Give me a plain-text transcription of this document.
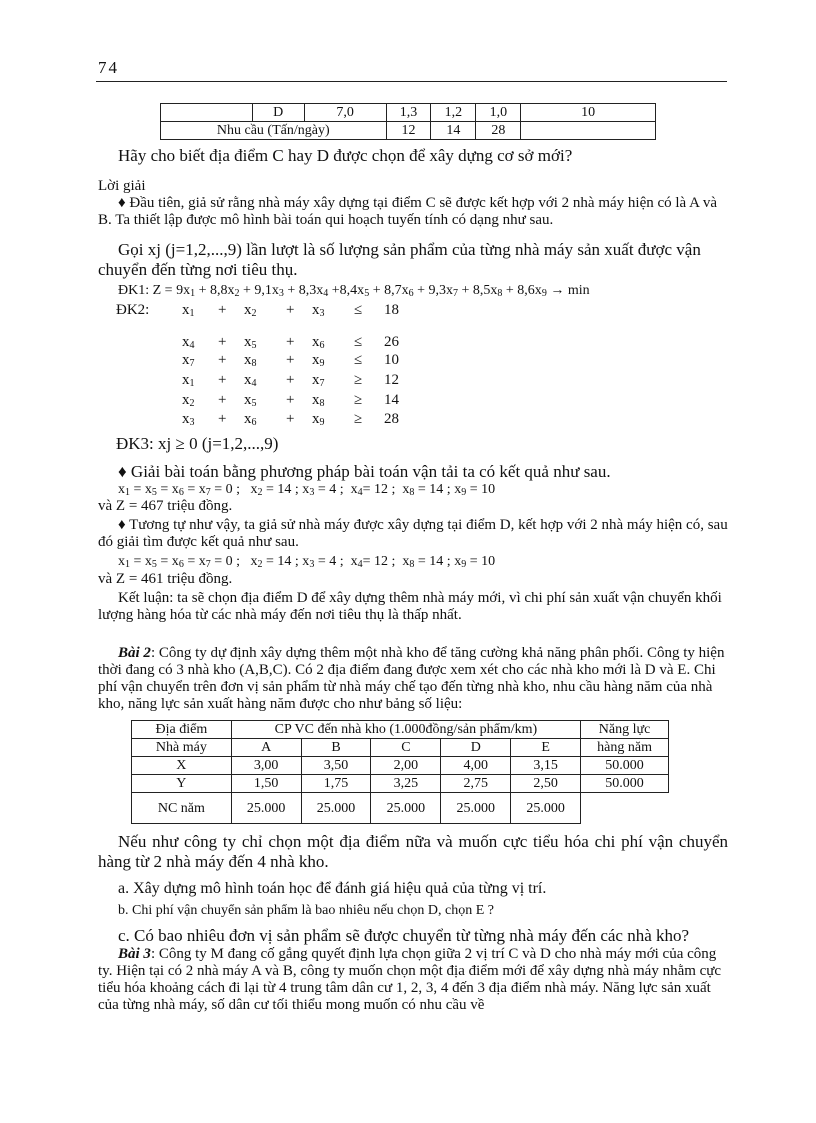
74
	D	7,0	1,3	1,2	1,0	10
Nhu cầu (Tấn/ngày)			12	14	28	

Hãy cho biết địa điểm C hay D được chọn để xây dựng cơ sở mới?

Lời giải

♦ Đầu tiên, giả sử rằng nhà máy xây dựng tại điểm C sẽ được kết hợp với 2 nhà máy hiện có là A và B. Ta thiết lập được mô hình bài toán qui hoạch tuyến tính có dạng như sau.

Gọi xj (j=1,2,...,9) lần lượt là số lượng sản phẩm của từng nhà máy sản xuất được vận chuyển đến từng nơi tiêu thụ.

ĐK1: $Z = 9x_1 + 8,8x_2 + 9,1x_3 + 8,3x_4 +8,4x_5 + 8,7x_6 + 9,3x_7 + 8,5x_8 + 8,6x_9 \to \min$

ĐK2:	$x_1 + x_2 + x_3 \le 18$
$x_4 + x_5 + x_6 \le 26$
$x_7 + x_8 + x_9 \le 10$
$x_1 + x_4 + x_7 \ge 12$
$x_2 + x_5 + x_8 \ge 14$
$x_3 + x_6 + x_9 \ge 28$

ĐK3: xj ≥ 0 (j=1,2,...,9)

♦ Giải bài toán bằng phương pháp bài toán vận tải ta có kết quả như sau.

$x_1 = x_5 = x_6 = x_7 = 0$ ;   $x_2 = 14$ ; $x_3 = 4$ ;  $x_4= 12$ ;  $x_8 = 14$ ; $x_9 = 10$

và Z = 467 triệu đồng.

♦ Tương tự như vậy, ta giả sử nhà máy được xây dựng tại điểm D, kết hợp với 2 nhà máy hiện có, sau đó giải tìm được kết quả như sau.

$x_1 = x_5 = x_6 = x_7 = 0$ ;   $x_2 = 14$ ; $x_3 = 4$ ;  $x_4= 12$ ;  $x_8 = 14$ ; $x_9 = 10$

và Z = 461 triệu đồng.

Kết luận: ta sẽ chọn địa điểm D để xây dựng thêm nhà máy mới, vì chi phí sản xuất vận chuyển khối lượng hàng hóa từ các nhà máy đến nơi tiêu thụ là thấp nhất.

Bài 2: Công ty dự định xây dựng thêm một nhà kho để tăng cường khả năng phân phối. Công ty hiện thời đang có 3 nhà kho (A,B,C). Có 2 địa điểm đang được xem xét cho các nhà kho mới là D và E. Chi phí vận chuyển trên đơn vị sản phẩm từ nhà máy chế tạo đến từng nhà kho, nhu cầu hàng năm của nhà kho, năng lực sản xuất hàng năm được cho như bảng số liệu:

Địa điểm	CP VC đến nhà kho (1.000đồng/sản phẩm/km)					Năng lực
Nhà máy	A	B	C	D	E	hàng năm
X	3,00	3,50	2,00	4,00	3,15	50.000
Y	1,50	1,75	3,25	2,75	2,50	50.000
NC năm	25.000	25.000	25.000	25.000	25.000	

Nếu như công ty chỉ chọn một địa điểm nữa và muốn cực tiểu hóa chi phí vận chuyển hàng từ 2 nhà máy đến 4 nhà kho.

a. Xây dựng mô hình toán học để đánh giá hiệu quả của từng vị trí.

b. Chi phí vận chuyển sản phẩm là bao nhiêu nếu chọn D, chọn E ?

c. Có bao nhiêu đơn vị sản phẩm sẽ được chuyển từ từng nhà máy đến các nhà kho?

Bài 3: Công ty M đang cố gắng quyết định lựa chọn giữa 2 vị trí C và D cho nhà máy mới của công ty. Hiện tại có 2 nhà máy A và B, công ty muốn chọn một địa điểm mới để xây dựng nhà máy nhằm cực tiểu hóa khoảng cách đi lại từ 4 trung tâm dân cư 1, 2, 3, 4 đến 3 địa điểm nhà máy. Năng lực sản xuất của từng nhà máy, số dân cư tối thiểu mong muốn có nhu cầu về
